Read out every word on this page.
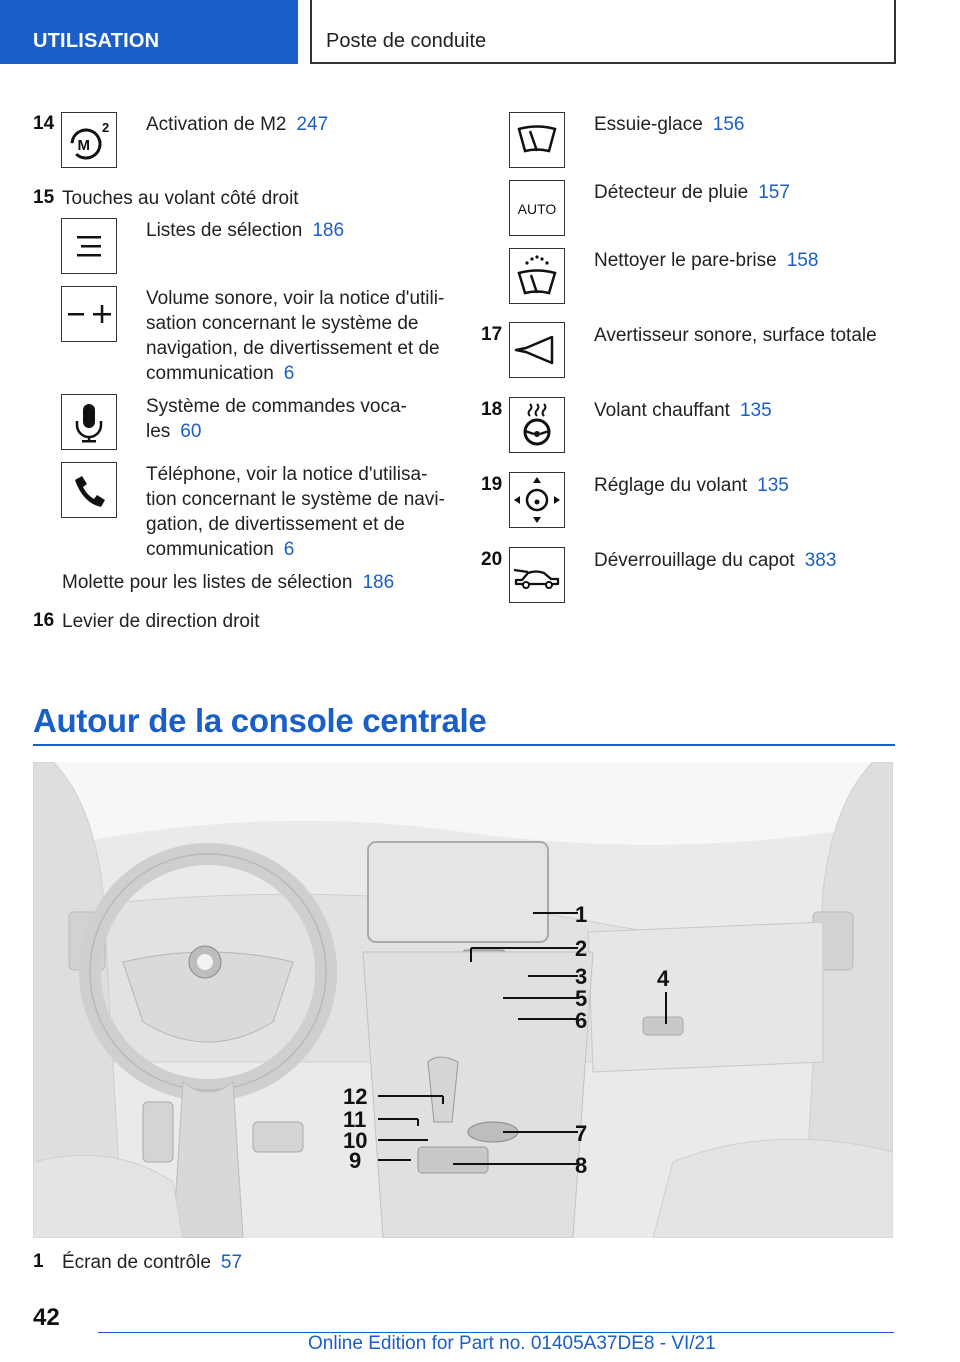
UTILISATION	Poste de conduite
14
M
2 Activation de M2 247
15 Touches au volant côté droit
Listes de sélection 186
Volume sonore, voir la notice d'utili-
sation concernant le système de
navigation, de divertissement et de
communication 6
Système de commandes voca-
les 60
Téléphone, voir la notice d'utilisa-
tion concernant le système de navi-
gation, de divertissement et de
communication 6
Molette pour les listes de sélection 186
16 Levier de direction droit
Essuie-glace 156
AUTO
Détecteur de pluie 157
Nettoyer le pare-brise 158
17	Avertisseur sonore, surface totale
18	Volant chauffant 135
19	Réglage du volant 135
20	Déverrouillage du capot 383
Autour de la console centrale
1
2
3	4
5
6
7
8
9
10
11
12
1 Écran de contrôle 57
42
Online Edition for Part no. 01405A37DE8 - VI/21
